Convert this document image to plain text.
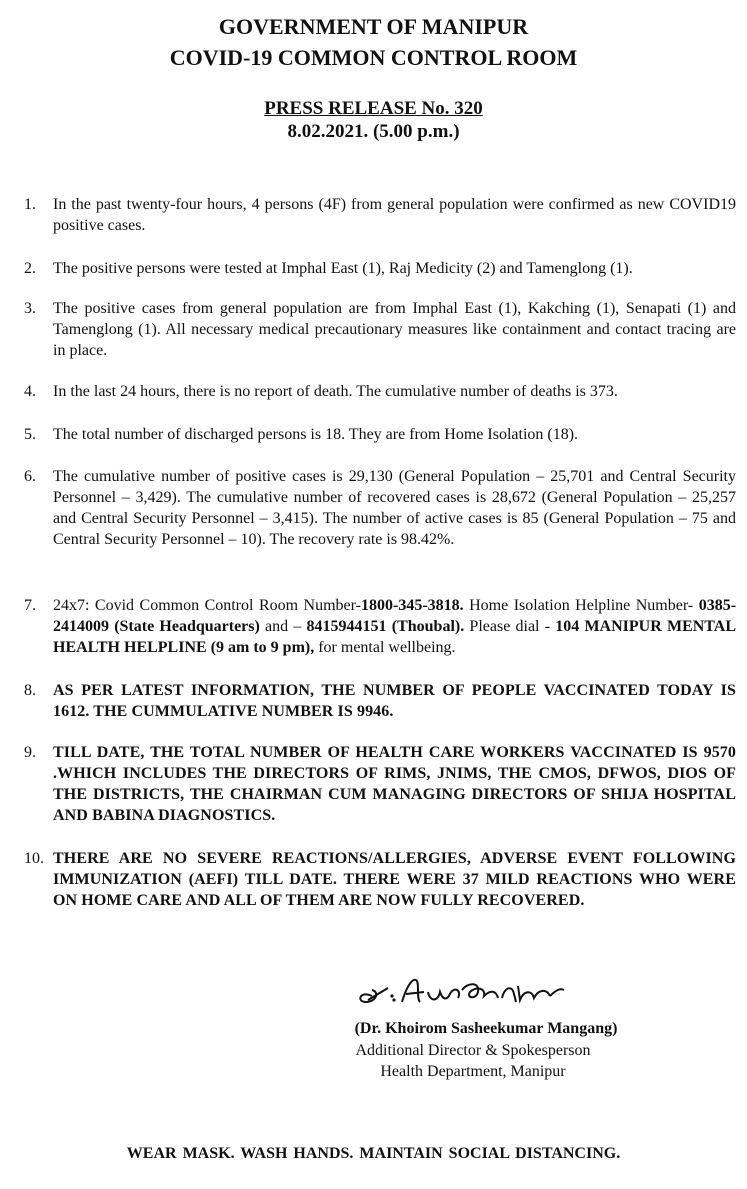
GOVERNMENT OF MANIPUR
COVID-19 COMMON CONTROL ROOM
PRESS RELEASE No. 320
8.02.2021. (5.00 p.m.)
1. In the past twenty-four hours, 4 persons (4F) from general population were confirmed as new COVID19 positive cases.
2. The positive persons were tested at Imphal East (1), Raj Medicity (2) and Tamenglong (1).
3. The positive cases from general population are from Imphal East (1), Kakching (1), Senapati (1) and Tamenglong (1). All necessary medical precautionary measures like containment and contact tracing are in place.
4. In the last 24 hours, there is no report of death. The cumulative number of deaths is 373.
5. The total number of discharged persons is 18. They are from Home Isolation (18).
6. The cumulative number of positive cases is 29,130 (General Population – 25,701 and Central Security Personnel – 3,429). The cumulative number of recovered cases is 28,672 (General Population – 25,257 and Central Security Personnel – 3,415). The number of active cases is 85 (General Population – 75 and Central Security Personnel – 10). The recovery rate is 98.42%.
7. 24x7: Covid Common Control Room Number-1800-345-3818. Home Isolation Helpline Number- 0385-2414009 (State Headquarters) and – 8415944151 (Thoubal). Please dial - 104 MANIPUR MENTAL HEALTH HELPLINE (9 am to 9 pm), for mental wellbeing.
8. AS PER LATEST INFORMATION, THE NUMBER OF PEOPLE VACCINATED TODAY IS 1612. THE CUMMULATIVE NUMBER IS 9946.
9. TILL DATE, THE TOTAL NUMBER OF HEALTH CARE WORKERS VACCINATED IS 9570 .WHICH INCLUDES THE DIRECTORS OF RIMS, JNIMS, THE CMOS, DFWOS, DIOS OF THE DISTRICTS, THE CHAIRMAN CUM MANAGING DIRECTORS OF SHIJA HOSPITAL AND BABINA DIAGNOSTICS.
10. THERE ARE NO SEVERE REACTIONS/ALLERGIES, ADVERSE EVENT FOLLOWING IMMUNIZATION (AEFI) TILL DATE. THERE WERE 37 MILD REACTIONS WHO WERE ON HOME CARE AND ALL OF THEM ARE NOW FULLY RECOVERED.
(Dr. Khoirom Sasheekumar Mangang)
Additional Director & Spokesperson
Health Department, Manipur
WEAR MASK. WASH HANDS. MAINTAIN SOCIAL DISTANCING.
